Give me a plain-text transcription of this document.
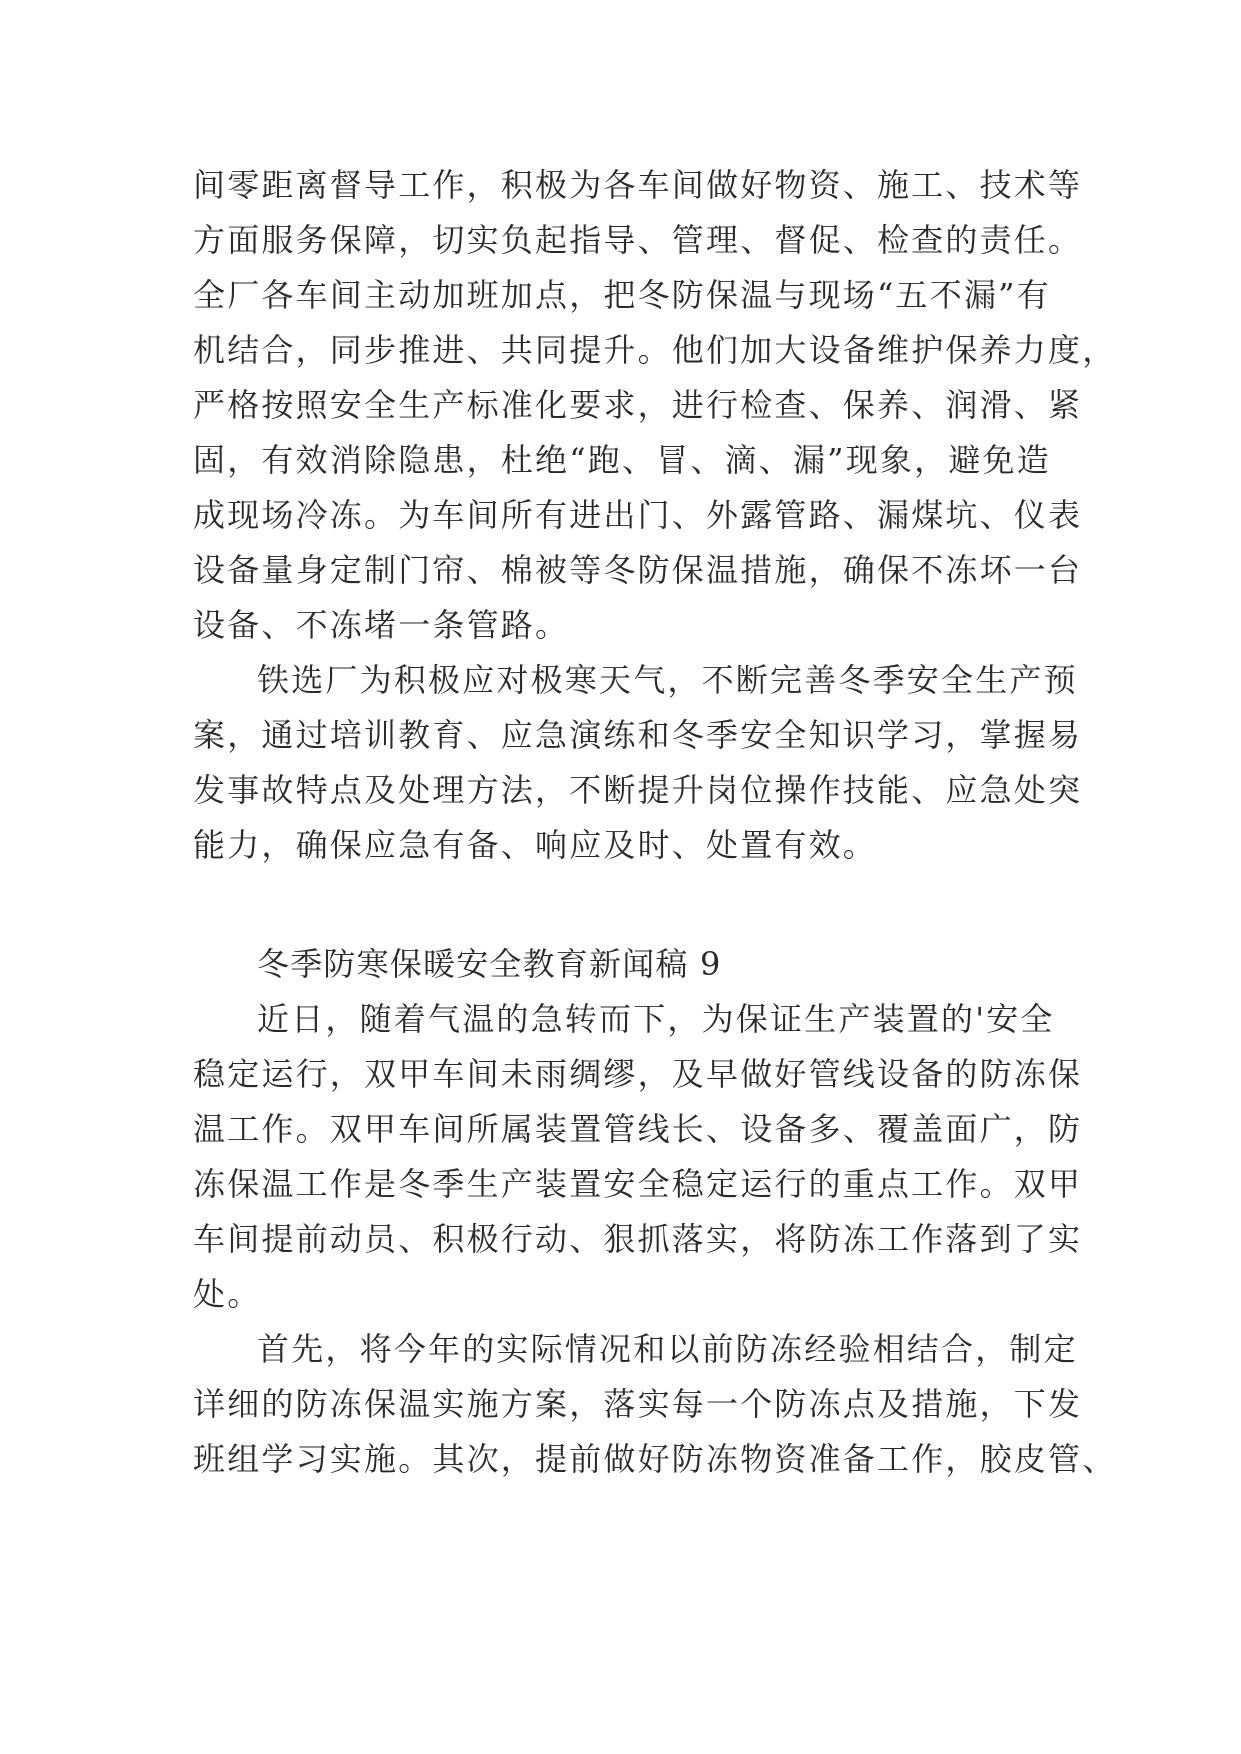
间零距离督导工作，积极为各车间做好物资、施工、技术等
方面服务保障，切实负起指导、管理、督促、检查的责任。
全厂各车间主动加班加点，把冬防保温与现场“五不漏”有
机结合，同步推进、共同提升。他们加大设备维护保养力度，
严格按照安全生产标准化要求，进行检查、保养、润滑、紧
固，有效消除隐患，杜绝“跑、冒、滴、漏”现象，避免造
成现场冷冻。为车间所有进出门、外露管路、漏煤坑、仪表
设备量身定制门帘、棉被等冬防保温措施，确保不冻坏一台
设备、不冻堵一条管路。
铁选厂为积极应对极寒天气，不断完善冬季安全生产预
案，通过培训教育、应急演练和冬季安全知识学习，掌握易
发事故特点及处理方法，不断提升岗位操作技能、应急处突
能力，确保应急有备、响应及时、处置有效。
冬季防寒保暖安全教育新闻稿 9
近日，随着气温的急转而下，为保证生产装置的'安全
稳定运行，双甲车间未雨绸缪，及早做好管线设备的防冻保
温工作。双甲车间所属装置管线长、设备多、覆盖面广，防
冻保温工作是冬季生产装置安全稳定运行的重点工作。双甲
车间提前动员、积极行动、狠抓落实，将防冻工作落到了实
处。
首先，将今年的实际情况和以前防冻经验相结合，制定
详细的防冻保温实施方案，落实每一个防冻点及措施，下发
班组学习实施。其次，提前做好防冻物资准备工作，胶皮管、
